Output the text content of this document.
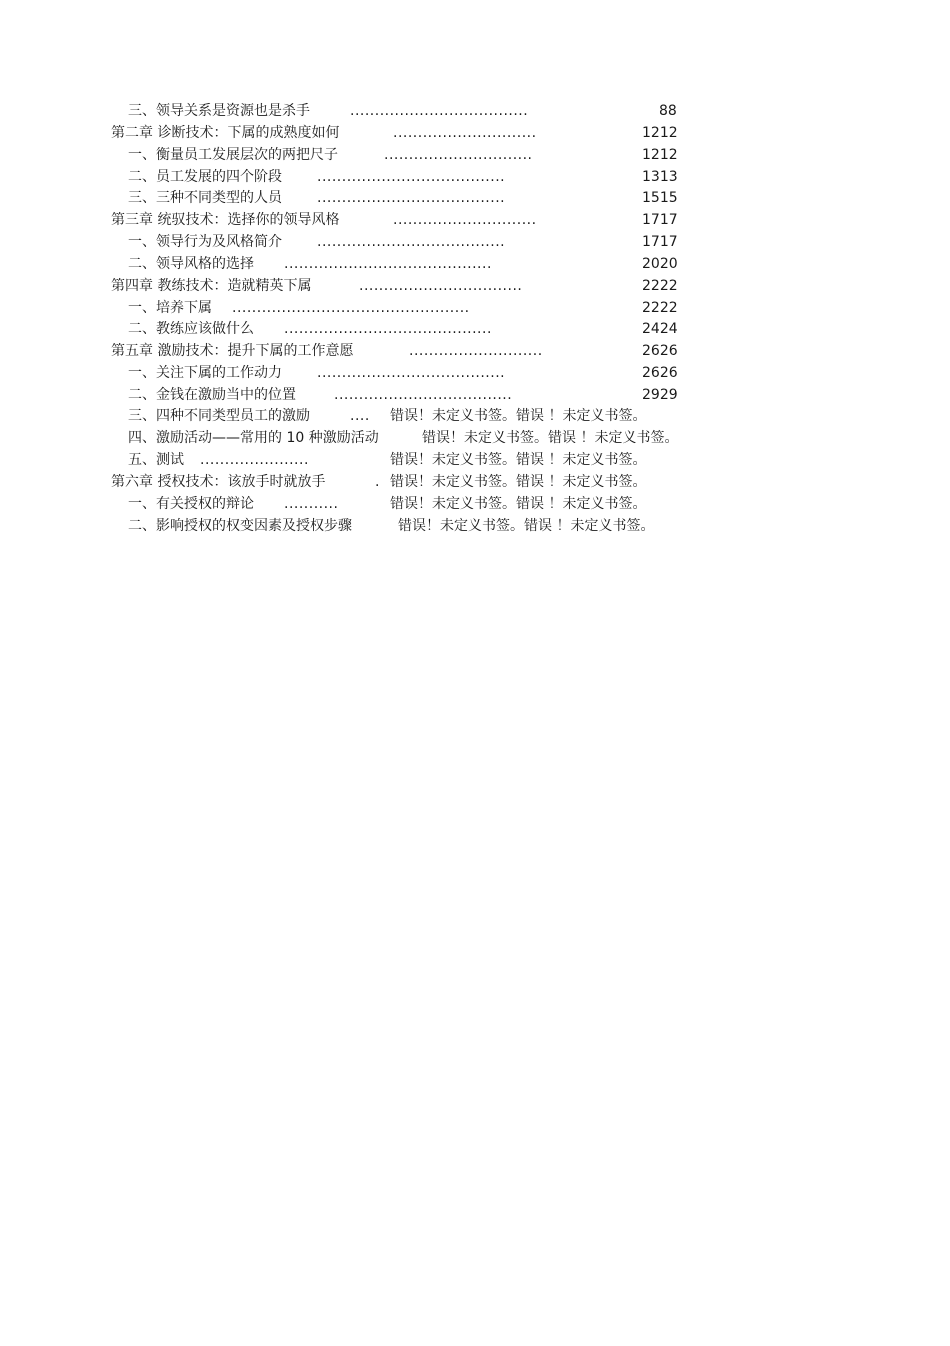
三、领导关系是资源也是杀手	....................................	88
第二章 诊断技术：下属的成熟度如何	.............................	1212
一、衡量员工发展层次的两把尺子	..............................	1212
二、员工发展的四个阶段	......................................	1313
三、三种不同类型的人员	......................................	1515
第三章 统驭技术：选择你的领导风格	.............................	1717
一、领导行为及风格简介	......................................	1717
二、领导风格的选择 ..........................................	2020
第四章 教练技术：造就精英下属	.................................	2222
一、培养下属 ................................................	2222
二、教练应该做什么 ..........................................	2424
第五章 激励技术：提升下属的工作意愿	...........................	2626
一、关注下属的工作动力	......................................	2626
二、金钱在激励当中的位置	....................................	2929
三、四种不同类型员工的激励	.... 错误！未定义书签。错误 ！未定义书签。
四、激励活动——常用的 10 种激励活动	错误！未定义书签。错误 ！未定义书签。
五、测试 ......................	错误！未定义书签。错误 ！未定义书签。
第六章 授权技术：该放手时就放手	. 错误！未定义书签。错误 ！未定义书签。
一、有关授权的辩论 ...........	错误！未定义书签。错误 ！未定义书签。
二、影响授权的权变因素及授权步骤	错误！未定义书签。错误 ！未定义书签。
